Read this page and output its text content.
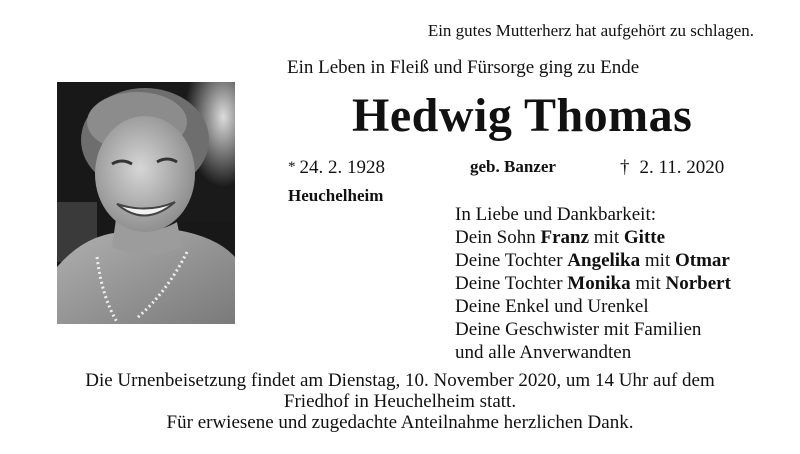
Ein gutes Mutterherz hat aufgehört zu schlagen.
Ein Leben in Fleiß und Fürsorge ging zu Ende
Hedwig Thomas
* 24. 2. 1928	geb. Banzer	† 2. 11. 2020
Heuchelheim
In Liebe und Dankbarkeit:
Dein Sohn Franz mit Gitte
Deine Tochter Angelika mit Otmar
Deine Tochter Monika mit Norbert
Deine Enkel und Urenkel
Deine Geschwister mit Familien
und alle Anverwandten
Die Urnenbeisetzung findet am Dienstag, 10. November 2020, um 14 Uhr auf dem
Friedhof in Heuchelheim statt.
Für erwiesene und zugedachte Anteilnahme herzlichen Dank.
